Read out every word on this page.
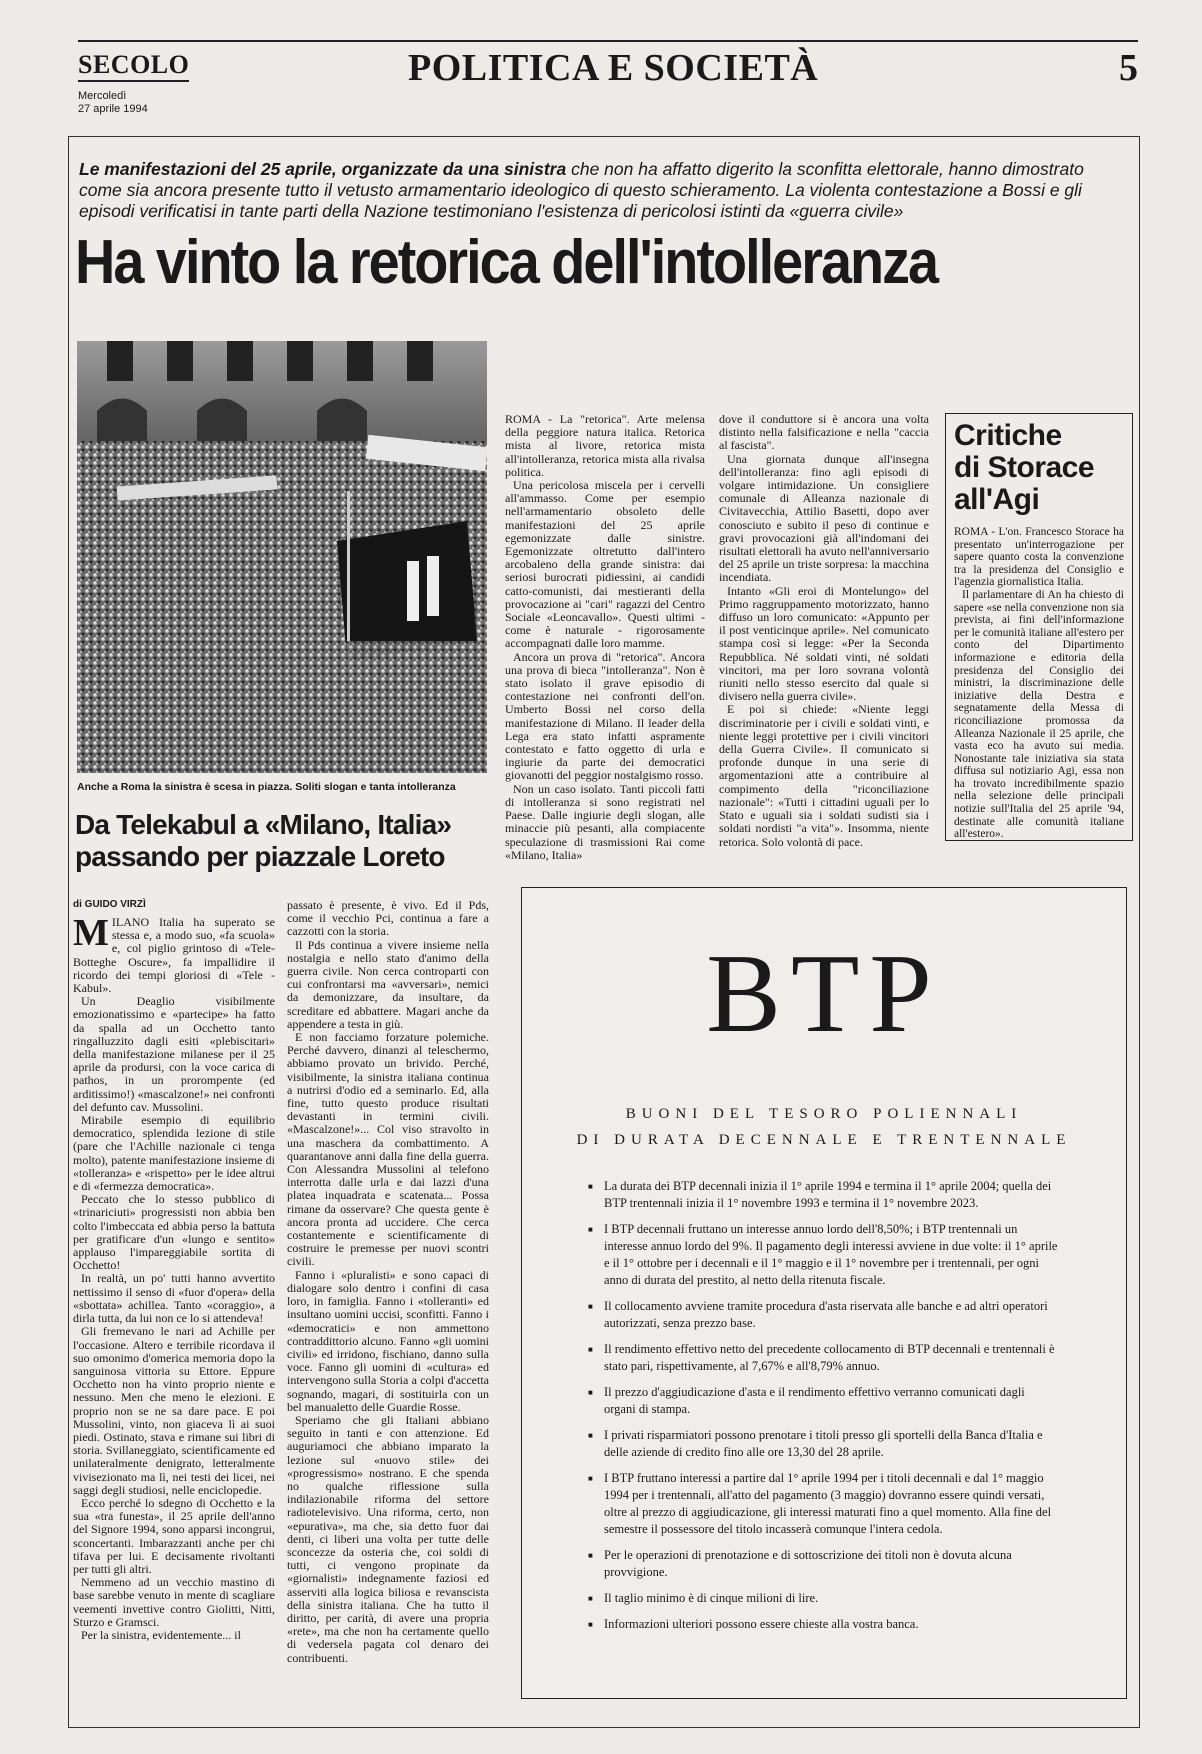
SECOLO
Mercoledì
27 aprile 1994
POLITICA E SOCIETÀ	5
Le manifestazioni del 25 aprile, organizzate da una sinistra che non ha affatto digerito la sconfitta elettorale, hanno dimostrato come sia ancora presente tutto il vetusto armamentario ideologico di questo schieramento. La violenta contestazione a Bossi e gli episodi verificatisi in tante parti della Nazione testimoniano l'esistenza di pericolosi istinti da «guerra civile»
Ha vinto la retorica dell'intolleranza
Anche a Roma la sinistra è scesa in piazza. Soliti slogan e tanta intolleranza
Da Telekabul a «Milano, Italia» passando per piazzale Loreto
di GUIDO VIRZÌ
M ILANO Italia ha superato se stessa e, a modo suo, «fa scuola» e, col piglio grintoso di «Tele-Botteghe Oscure», fa impallidire il ricordo dei tempi gloriosi di «Tele - Kabul».

Un Deaglio visibilmente emozionatissimo e «partecipe» ha fatto da spalla ad un Occhetto tanto ringalluzzito dagli esiti «plebiscitari» della manifestazione milanese per il 25 aprile da prodursi, con la voce carica di pathos, in un prorompente (ed arditissimo!) «mascalzone!» nei confronti del defunto cav. Mussolini.

Mirabile esempio di equilibrio democratico, splendida lezione di stile (pare che l'Achille nazionale ci tenga molto), patente manifestazione insieme di «tolleranza» e «rispetto» per le idee altrui e di «fermezza democratica».

Peccato che lo stesso pubblico di «trinariciuti» progressisti non abbia ben colto l'imbeccata ed abbia perso la battuta per gratificare d'un «lungo e sentito» applauso l'impareggiabile sortita di Occhetto!

In realtà, un po' tutti hanno avvertito nettissimo il senso di «fuor d'opera» della «sbottata» achillea. Tanto «coraggio», a dirla tutta, da lui non ce lo si attendeva!

Gli fremevano le nari ad Achille per l'occasione. Altero e terribile ricordava il suo omonimo d'omerica memoria dopo la sanguinosa vittoria su Ettore. Eppure Occhetto non ha vinto proprio niente e nessuno. Men che meno le elezioni. E proprio non se ne sa dare pace. E poi Mussolini, vinto, non giaceva lì ai suoi piedi. Ostinato, stava e rimane sui libri di storia. Svillaneggiato, scientificamente ed unilateralmente denigrato, letteralmente vivisezionato ma lì, nei testi dei licei, nei saggi degli studiosi, nelle enciclopedie.

Ecco perché lo sdegno di Occhetto e la sua «tra funesta», il 25 aprile dell'anno del Signore 1994, sono apparsi incongrui, sconcertanti. Imbarazzanti anche per chi tifava per lui. E decisamente rivoltanti per tutti gli altri.

Nemmeno ad un vecchio mastino di base sarebbe venuto in mente di scagliare veementi invettive contro Giolitti, Nitti, Sturzo e Gramsci.

Per la sinistra, evidentemente... il

passato è presente, è vivo. Ed il Pds, come il vecchio Pci, continua a fare a cazzotti con la storia.

Il Pds continua a vivere insieme nella nostalgia e nello stato d'animo della guerra civile. Non cerca controparti con cui confrontarsi ma «avversari», nemici da demonizzare, da insultare, da screditare ed abbattere. Magari anche da appendere a testa in giù.

E non facciamo forzature polemiche. Perché davvero, dinanzi al teleschermo, abbiamo provato un brivido. Perché, visibilmente, la sinistra italiana continua a nutrirsi d'odio ed a seminarlo. Ed, alla fine, tutto questo produce risultati devastanti in termini civili. «Mascalzone!»... Col viso stravolto in una maschera da combattimento. A quarantanove anni dalla fine della guerra. Con Alessandra Mussolini al telefono interrotta dalle urla e dai lazzi d'una platea inquadrata e scatenata... Possa rimane da osservare? Che questa gente è ancora pronta ad uccidere. Che cerca costantemente e scientificamente di costruire le premesse per nuovi scontri civili.

Fanno i «pluralisti» e sono capaci di dialogare solo dentro i confini di casa loro, in famiglia. Fanno i «tolleranti» ed insultano uomini uccisi, sconfitti. Fanno i «democratici» e non ammettono contraddittorio alcuno. Fanno «gli uomini civili» ed irridono, fischiano, danno sulla voce. Fanno gli uomini di «cultura» ed intervengono sulla Storia a colpi d'accetta sognando, magari, di sostituirla con un bel manualetto delle Guardie Rosse.

Speriamo che gli Italiani abbiano seguito in tanti e con attenzione. Ed auguriamoci che abbiano imparato la lezione sul «nuovo stile» dei «progressismo» nostrano. E che spenda no qualche riflessione sulla indilazionabile riforma del settore radiotelevisivo. Una riforma, certo, non «epurativa», ma che, sia detto fuor dai denti, ci liberi una volta per tutte delle sconcezze da osteria che, coi soldi di tutti, ci vengono propinate da «giornalisti» indegnamente faziosi ed asserviti alla logica biliosa e revanscista della sinistra italiana. Che ha tutto il diritto, per carità, di avere una propria «rete», ma che non ha certamente quello di vedersela pagata col denaro dei contribuenti.

ROMA - La "retorica". Arte melensa della peggiore natura italica. Retorica mista al livore, retorica mista all'intolleranza, retorica mista alla rivalsa politica.

Una pericolosa miscela per i cervelli all'ammasso. Come per esempio nell'armamentario obsoleto delle manifestazioni del 25 aprile egemonizzate dalle sinistre. Egemonizzate oltretutto dall'intero arcobaleno della grande sinistra: dai seriosi burocrati pidiessini, ai candidi catto-comunisti, dai mestieranti della provocazione ai "cari" ragazzi del Centro Sociale «Leoncavallo». Questi ultimi - come è naturale - rigorosamente accompagnati dalle loro mamme.

Ancora un prova di "retorica". Ancora una prova di bieca "intolleranza". Non è stato isolato il grave episodio di contestazione nei confronti dell'on. Umberto Bossi nel corso della manifestazione di Milano. Il leader della Lega era stato infatti aspramente contestato e fatto oggetto di urla e ingiurie da parte dei democratici giovanotti del peggior nostalgismo rosso.

Non un caso isolato. Tanti piccoli fatti di intolleranza si sono registrati nel Paese. Dalle ingiurie degli slogan, alle minaccie più pesanti, alla compiacente speculazione di trasmissioni Rai come «Milano, Italia»

dove il conduttore si è ancora una volta distinto nella falsificazione e nella "caccia al fascista".

Una giornata dunque all'insegna dell'intolleranza: fino agli episodi di volgare intimidazione. Un consigliere comunale di Alleanza nazionale di Civitavecchia, Attilio Basetti, dopo aver conosciuto e subito il peso di continue e gravi provocazioni già all'indomani dei risultati elettorali ha avuto nell'anniversario del 25 aprile un triste sorpresa: la macchina incendiata.

Intanto «Gli eroi di Montelungo» del Primo raggruppamento motorizzato, hanno diffuso un loro comunicato: «Appunto per il post venticinque aprile». Nel comunicato stampa così si legge: «Per la Seconda Repubblica. Né soldati vinti, né soldati vincitori, ma per loro sovrana volontà riuniti nello stesso esercito dal quale si divisero nella guerra civile».

E poi si chiede: «Niente leggi discriminatorie per i civili e soldati vinti, e niente leggi protettive per i civili vincitori della Guerra Civile». Il comunicato si profonde dunque in una serie di argomentazioni atte a contribuire al compimento della "riconciliazione nazionale": «Tutti i cittadini uguali per lo Stato e uguali sia i soldati sudisti sia i soldati nordisti "a vita"». Insomma, niente retorica. Solo volontà di pace.

Critiche
di Storace
all'Agi

ROMA - L'on. Francesco Storace ha presentato un'interrogazione per sapere quanto costa la convenzione tra la presidenza del Consiglio e l'agenzia giornalistica Italia.

Il parlamentare di An ha chiesto di sapere «se nella convenzione non sia prevista, ai fini dell'informazione per le comunità italiane all'estero per conto del Dipartimento informazione e editoria della presidenza del Consiglio dei ministri, la discriminazione delle iniziative della Destra e segnatamente della Messa di riconciliazione promossa da Alleanza Nazionale il 25 aprile, che vasta eco ha avuto sui media. Nonostante tale iniziativa sia stata diffusa sul notiziario Agi, essa non ha trovato incredibilmente spazio nella selezione delle principali notizie sull'Italia del 25 aprile '94, destinate alle comunità italiane all'estero».

BTP
BUONI DEL TESORO POLIENNALI
DI DURATA DECENNALE E TRENTENNALE
■ La durata dei BTP decennali inizia il 1° aprile 1994 e termina il 1° aprile 2004; quella dei BTP trentennali inizia il 1° novembre 1993 e termina il 1° novembre 2023.
■ I BTP decennali fruttano un interesse annuo lordo dell'8,50%; i BTP trentennali un interesse annuo lordo del 9%. Il pagamento degli interessi avviene in due volte: il 1° aprile e il 1° ottobre per i decennali e il 1° maggio e il 1° novembre per i trentennali, per ogni anno di durata del prestito, al netto della ritenuta fiscale.
■ Il collocamento avviene tramite procedura d'asta riservata alle banche e ad altri operatori autorizzati, senza prezzo base.
■ Il rendimento effettivo netto del precedente collocamento di BTP decennali e trentennali è stato pari, rispettivamente, al 7,67% e all'8,79% annuo.
■ Il prezzo d'aggiudicazione d'asta e il rendimento effettivo verranno comunicati dagli organi di stampa.
■ I privati risparmiatori possono prenotare i titoli presso gli sportelli della Banca d'Italia e delle aziende di credito fino alle ore 13,30 del 28 aprile.
■ I BTP fruttano interessi a partire dal 1° aprile 1994 per i titoli decennali e dal 1° maggio 1994 per i trentennali, all'atto del pagamento (3 maggio) dovranno essere quindi versati, oltre al prezzo di aggiudicazione, gli interessi maturati fino a quel momento. Alla fine del semestre il possessore del titolo incasserà comunque l'intera cedola.
■ Per le operazioni di prenotazione e di sottoscrizione dei titoli non è dovuta alcuna provvigione.
■ Il taglio minimo è di cinque milioni di lire.
■ Informazioni ulteriori possono essere chieste alla vostra banca.
